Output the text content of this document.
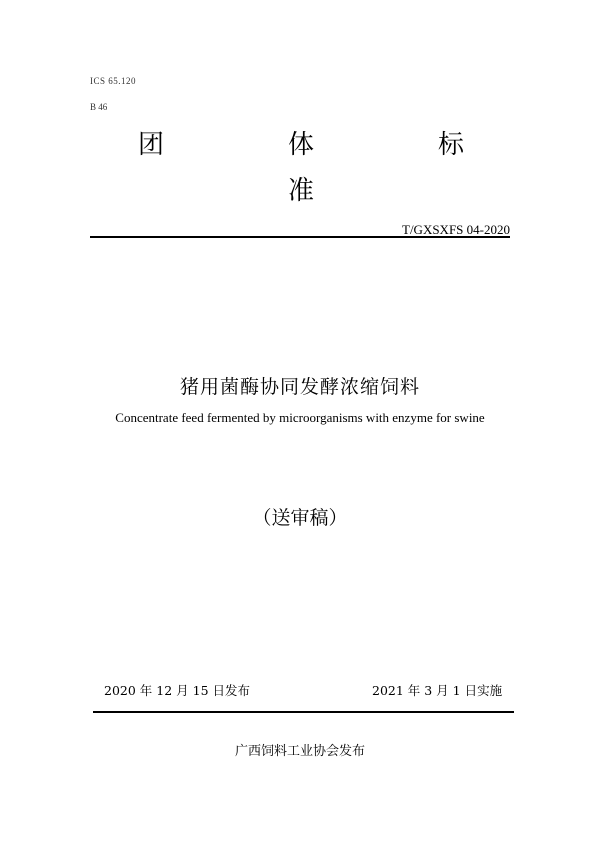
ICS 65.120
B 46
团	体	标
准
T/GXSXFS 04-2020
猪用菌酶协同发酵浓缩饲料
Concentrate feed fermented by microorganisms with enzyme for swine
（送审稿）
2020 年 12 月 15 日发布	2021 年 3 月 1 日实施
广西饲料工业协会发布
